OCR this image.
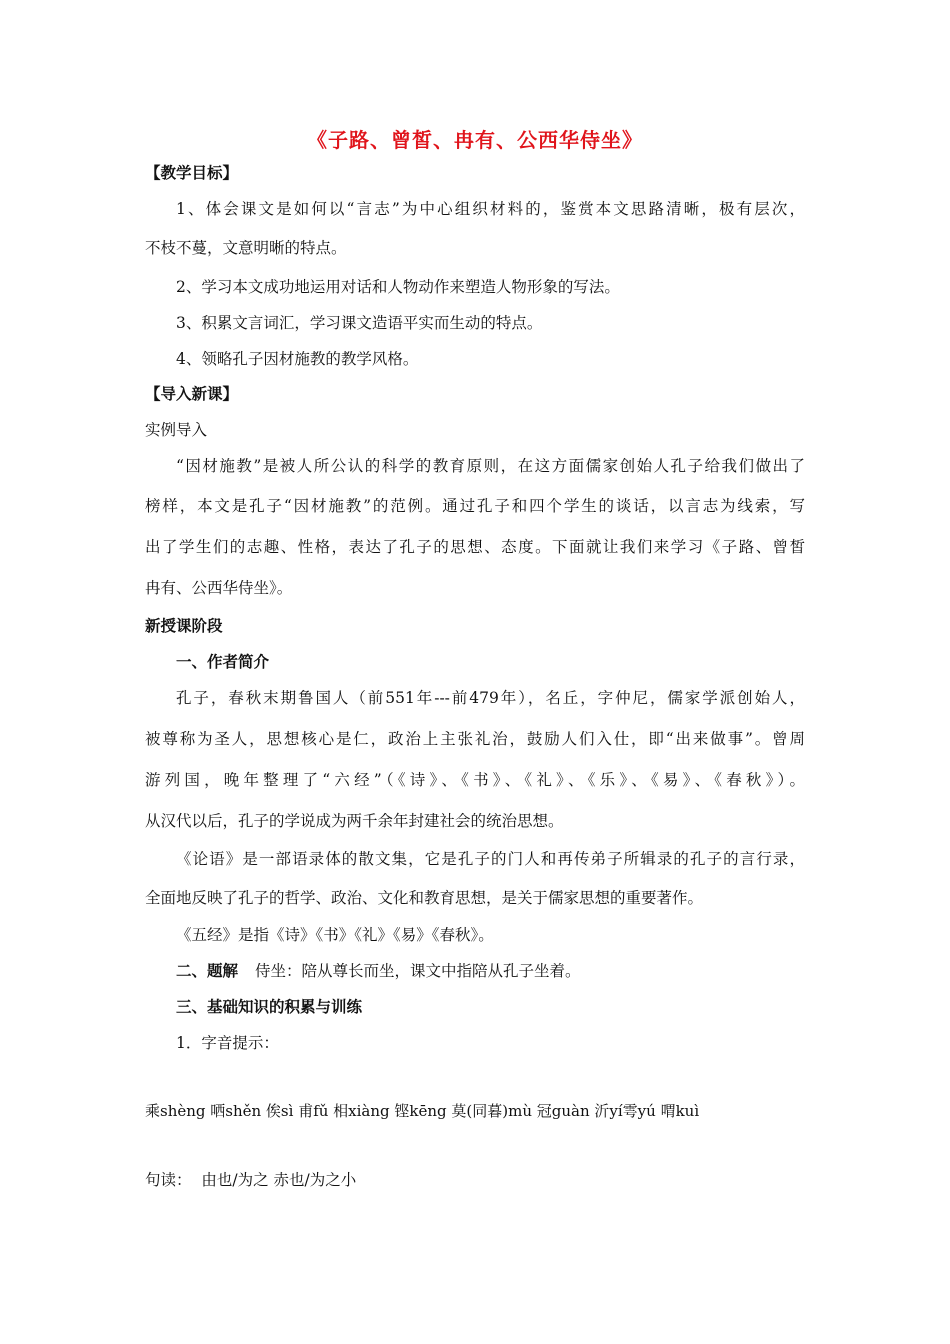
《子路、曾皙、冉有、公西华侍坐》
【教学目标】
1、体会课文是如何以“言志”为中心组织材料的，鉴赏本文思路清晰，极有层次，
不枝不蔓，文意明晰的特点。
2、学习本文成功地运用对话和人物动作来塑造人物形象的写法。
3、积累文言词汇，学习课文造语平实而生动的特点。
4、领略孔子因材施教的教学风格。
【导入新课】
实例导入
“因材施教”是被人所公认的科学的教育原则，在这方面儒家创始人孔子给我们做出了
榜样，本文是孔子“因材施教”的范例。通过孔子和四个学生的谈话，以言志为线索，写
出了学生们的志趣、性格，表达了孔子的思想、态度。下面就让我们来学习《子路、曾皙
冉有、公西华侍坐》。
新授课阶段
一、作者简介
孔子，春秋末期鲁国人（前551年---前479年），名丘，字仲尼，儒家学派创始人，
被尊称为圣人，思想核心是仁，政治上主张礼治，鼓励人们入仕，即“出来做事”。曾周
游列国，晚年整理了“六经”（《诗》、《书》、《礼》、《乐》、《易》、《春秋》）。
从汉代以后，孔子的学说成为两千余年封建社会的统治思想。
《论语》是一部语录体的散文集，它是孔子的门人和再传弟子所辑录的孔子的言行录，
全面地反映了孔子的哲学、政治、文化和教育思想，是关于儒家思想的重要著作。
《五经》是指《诗》《书》《礼》《易》《春秋》。
二、题解 侍坐：陪从尊长而坐，课文中指陪从孔子坐着。
三、基础知识的积累与训练
1．字音提示：
乘shèng 哂shěn 俟sì 甫fǔ 相xiàng 铿kēng 莫(同暮)mù 冠guàn 沂yí雩yú 喟kuì
句读：  由也/为之 赤也/为之小
